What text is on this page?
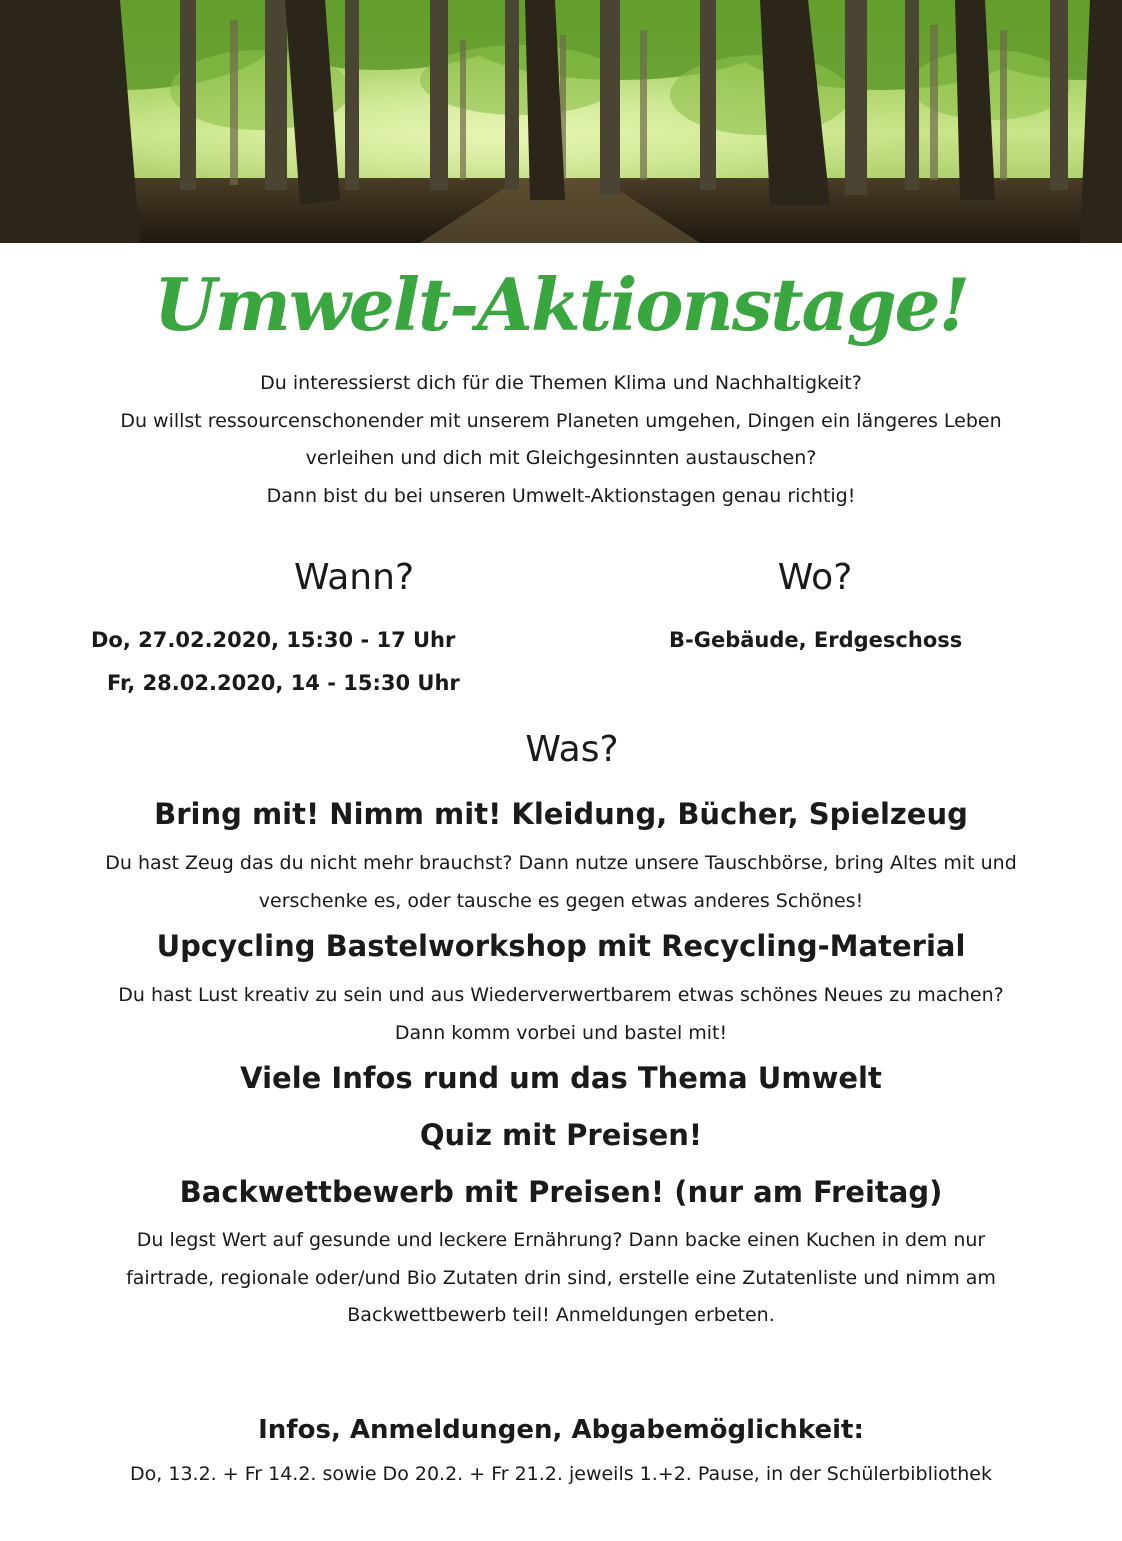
Umwelt-Aktionstage!
Du interessierst dich für die Themen Klima und Nachhaltigkeit?
Du willst ressourcenschonender mit unserem Planeten umgehen, Dingen ein längeres Leben
verleihen und dich mit Gleichgesinnten austauschen?
Dann bist du bei unseren Umwelt-Aktionstagen genau richtig!
Wann?	Wo?
Do, 27.02.2020, 15:30 - 17 Uhr
Fr, 28.02.2020, 14 - 15:30 Uhr
B-Gebäude, Erdgeschoss
Was?
Bring mit! Nimm mit! Kleidung, Bücher, Spielzeug
Du hast Zeug das du nicht mehr brauchst? Dann nutze unsere Tauschbörse, bring Altes mit und
verschenke es, oder tausche es gegen etwas anderes Schönes!
Upcycling Bastelworkshop mit Recycling-Material
Du hast Lust kreativ zu sein und aus Wiederverwertbarem etwas schönes Neues zu machen?
Dann komm vorbei und bastel mit!
Viele Infos rund um das Thema Umwelt
Quiz mit Preisen!
Backwettbewerb mit Preisen! (nur am Freitag)
Du legst Wert auf gesunde und leckere Ernährung? Dann backe einen Kuchen in dem nur
fairtrade, regionale oder/und Bio Zutaten drin sind, erstelle eine Zutatenliste und nimm am
Backwettbewerb teil! Anmeldungen erbeten.
Infos, Anmeldungen, Abgabemöglichkeit:
Do, 13.2. + Fr 14.2. sowie Do 20.2. + Fr 21.2. jeweils 1.+2. Pause, in der Schülerbibliothek
